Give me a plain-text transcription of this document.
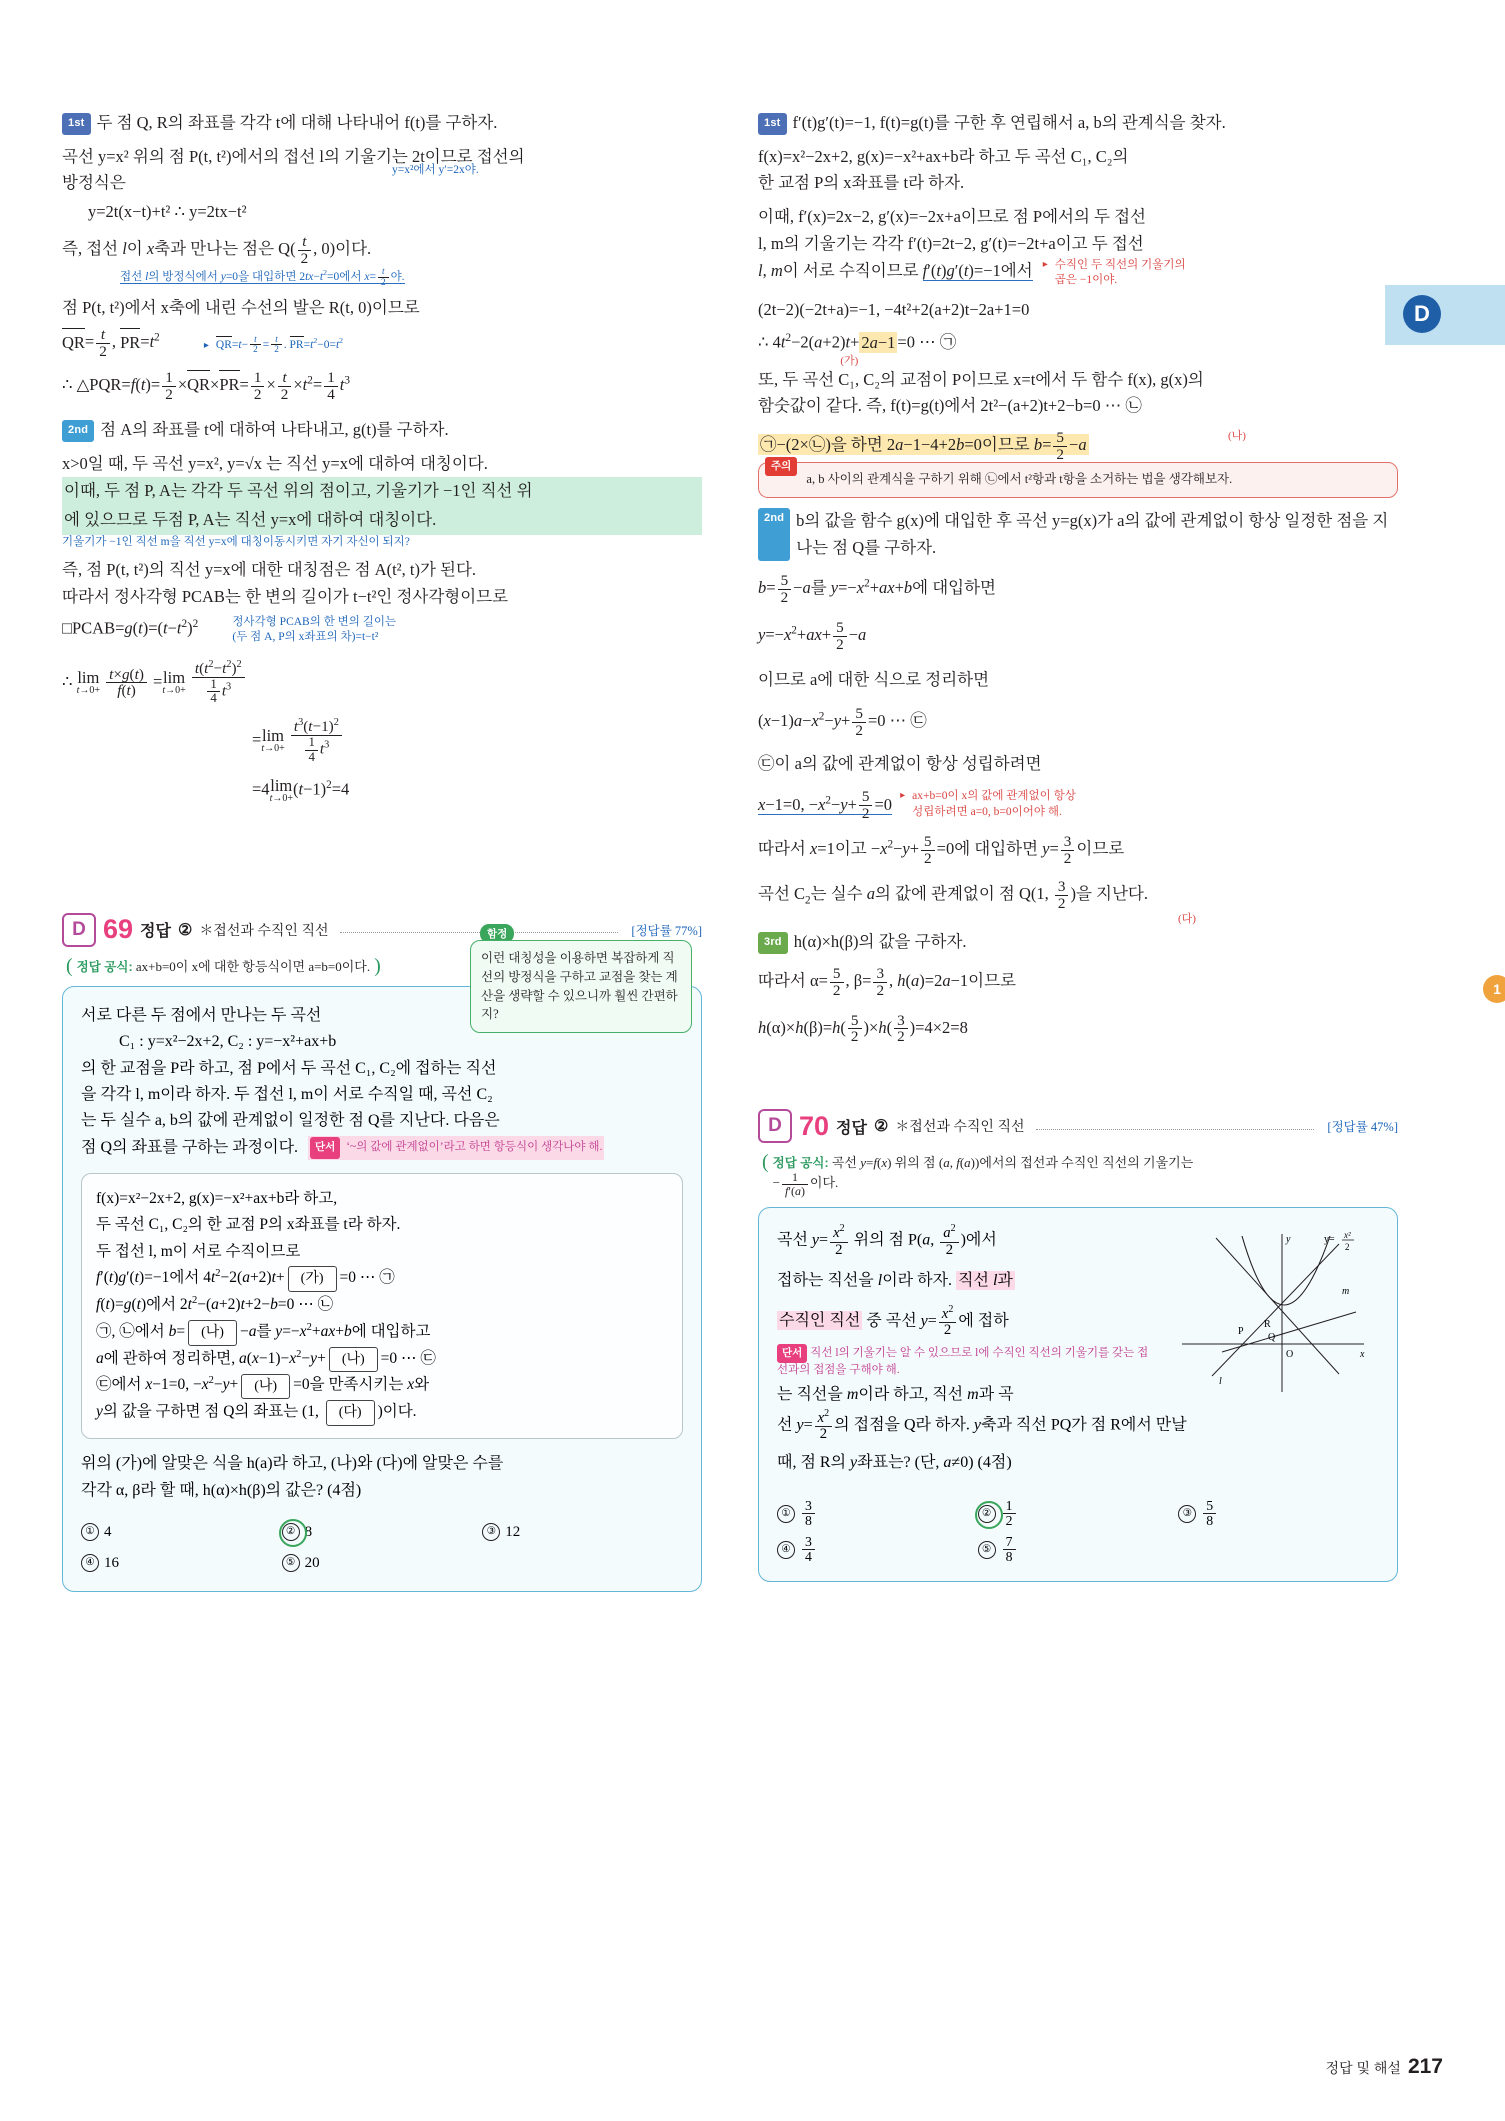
D
1
1st 두 점 Q, R의 좌표를 각각 t에 대해 나타내어 f(t)를 구하자.
곡선 y=x² 위의 점 P(t, t²)에서의 접선 l의 기울기는 2t이므로 접선의
방정식은
y=x²에서 y′=2x야.
y=2t(x−t)+t² ∴ y=2tx−t²
즉, 접선 l이 x축과 만나는 점은 $Q( \frac{t}{2}$ , 0)이다.
접선 l의 방정식에서 y=0을 대입하면 $2tx-t^2=0$에서 $x= \frac{t}{2}$ 야.
점 P(t, t²)에서 x축에 내린 수선의 발은 R(t, 0)이므로
$QR= \frac{t}{2}$ , $PR=t^2$ ▸ $QR=t- \frac{t}{2} = \frac{t}{2}$ . $PR=t^2-0=t^2$
∴ △PQR=f(t)= $\frac{1}{2} \times QR\times PR= \frac{1}{2} \times \frac{t}{2} \times t^2= \frac{1}{4} t^3$
2nd 점 A의 좌표를 t에 대하여 나타내고, g(t)를 구하자.
x>0일 때, 두 곡선 y=x², y=√x 는 직선 y=x에 대하여 대칭이다.
이때, 두 점 P, A는 각각 두 곡선 위의 점이고, 기울기가 −1인 직선 위
에 있으므로 두점 P, A는 직선 y=x에 대하여 대칭이다.
기울기가 −1인 직선 m을 직선 y=x에 대칭이동시키면 자기 자신이 되지?
즉, 점 P(t, t²)의 직선 y=x에 대한 대칭점은 점 A(t², t)가 된다.
따라서 정사각형 PCAB는 한 변의 길이가 t−t²인 정사각형이므로
$□PCAB=g(t)=(t-t^2)^2$	정사각형 PCAB의 한 변의 길이는
(두 점 A, P의 x좌표의 차)=t−t²
∴ lim
t→0+
$\frac{t\times g(t)}{f(t)} =\lim$
t→0+
$\frac{t(t^2-t^2)^2}{\frac{1}{4} t^3}$
=lim
t→0+
$\frac{t^3(t-1)^2}{\frac{1}{4} t^3}$
=4lim
t→0+
$(t-1)^2=4$
함정
이런 대칭성을 이용하면 복잡하게 직선의 방정식을 구하고 교점을 찾는 계산을 생략할 수 있으니까 훨씬 간편하지?
D 69 정답 ② ＊접선과 수직인 직선	[정답률 77%]
( 정답 공식: ax+b=0이 x에 대한 항등식이면 a=b=0이다. )
서로 다른 두 점에서 만나는 두 곡선
C₁ : y=x²−2x+2, C₂ : y=−x²+ax+b
의 한 교점을 P라 하고, 점 P에서 두 곡선 C₁, C₂에 접하는 직선
을 각각 l, m이라 하자. 두 접선 l, m이 서로 수직일 때, 곡선 C₂
는 두 실수 a, b의 값에 관계없이 일정한 점 Q를 지난다. 다음은
점 Q의 좌표를 구하는 과정이다. 단서 ‘~의 값에 관계없이’라고 하면 항등식이 생각나야 해.
f(x)=x²−2x+2, g(x)=−x²+ax+b라 하고,
두 곡선 C₁, C₂의 한 교점 P의 x좌표를 t라 하자.
두 접선 l, m이 서로 수직이므로
f′(t)g′(t)=−1에서 $4t^2-2(a+2)t+$ (가) =0 ⋯ ㉠
f(t)=g(t)에서 $2t^2-(a+2)t+2-b=0$ ⋯ ㉡
㉠, ㉡에서 b= (나) −a를 $y=-x^2+ax+b$에 대입하고
a에 관하여 정리하면, $a(x-1)-x^2-y+$ (나) =0 ⋯ ㉢
㉢에서 x−1=0, $-x^2-y+$ (나) =0을 만족시키는 x와
y의 값을 구하면 점 Q의 좌표는 (1, (다) )이다.
위의 (가)에 알맞은 식을 h(a)라 하고, (나)와 (다)에 알맞은 수를
각각 α, β라 할 때, h(α)×h(β)의 값은? (4점)
① 4	② 8	③ 12
④ 16	⑤ 20
1st f′(t)g′(t)=−1, f(t)=g(t)를 구한 후 연립해서 a, b의 관계식을 찾자.
f(x)=x²−2x+2, g(x)=−x²+ax+b라 하고 두 곡선 C₁, C₂의
한 교점 P의 x좌표를 t라 하자.
이때, f′(x)=2x−2, g′(x)=−2x+a이므로 점 P에서의 두 접선
l, m의 기울기는 각각 f′(t)=2t−2, g′(t)=−2t+a이고 두 접선
l, m이 서로 수직이므로 f′(t)g′(t)=−1에서 ▸ 수직인 두 직선의 기울기의
곱은 −1이야.
(2t−2)(−2t+a)=−1, −4t²+2(a+2)t−2a+1=0
∴ $4t^2-2(a+2)t+ 2a-1 =0$ ⋯ ㉠ $_{(가)}$
또, 두 곡선 C₁, C₂의 교점이 P이므로 x=t에서 두 함수 f(x), g(x)의
함숫값이 같다. 즉, f(t)=g(t)에서 2t²−(a+2)t+2−b=0 ⋯ ㉡
㉠−(2×㉡)을 하면 2a−1−4+2b=0이므로 $b= \frac{5}{2} -a$	(나)
주의 a, b 사이의 관계식을 구하기 위해 ㉡에서 t²항과 t항을 소거하는 법을 생각해보자.
2nd b의 값을 함수 g(x)에 대입한 후 곡선 y=g(x)가 a의 값에 관계없이 항상 일정한 점을 지나는 점 Q를 구하자.
$b= \frac{5}{2} -a$를 $y=-x^2+ax+b$에 대입하면
$y=-x^2+ax+ \frac{5}{2} -a$
이므로 a에 대한 식으로 정리하면
$(x-1)a-x^2-y+ \frac{5}{2} =0$ ⋯ ㉢
㉢이 a의 값에 관계없이 항상 성립하려면
x−1=0, $-x^2-y+ \frac{5}{2} =0$ ▸ ax+b=0이 x의 값에 관계없이 항상
성립하려면 a=0, b=0이어야 해.
따라서 x=1이고 $-x^2-y+ \frac{5}{2} =0$에 대입하면 $y= \frac{3}{2}$ 이므로
곡선 $C_2$는 실수 a의 값에 관계없이 점 Q(1, $\frac{3}{2}$ )을 지난다.
(다)
3rd h(α)×h(β)의 값을 구하자.
따라서 $\alpha= \frac{5}{2}$ , $\beta= \frac{3}{2}$ , h(a)=2a−1이므로
$h(\alpha)\times h(\beta)=h( \frac{5}{2} )\times h( \frac{3}{2} )=4\times 2=8$
D 70 정답 ② ＊접선과 수직인 직선	[정답률 47%]
( 정답 공식: 곡선 y=f(x) 위의 점 (a, f(a))에서의 접선과 수직인 직선의 기울기는
− $\frac{1}{f'(a)}$ 이다.
곡선 $y= \frac{x^2}{2}$ 위의 점 P(a, $\frac{a^2}{2}$ )에서
접하는 직선을 l이라 하자. 직선 l과
수직인 직선 중 곡선 $y= \frac{x^2}{2}$ 에 접하
단서 직선 l의 기울기는 알 수 있으므로 l에 수직인 직선의 기울기를 갖는 접선과의 접점을 구해야 해.
는 직선을 m이라 하고, 직선 m과 곡
y
x
O
P
Q
R
m
l
y= x²
2
선 $y= \frac{x^2}{2}$ 의 접점을 Q라 하자. y축과 직선 PQ가 점 R에서 만날
때, 점 R의 y좌표는? (단, a≠0) (4점)
① $\frac{3}{8}$	② $\frac{1}{2}$	③ $\frac{5}{8}$
④ $\frac{3}{4}$	⑤ $\frac{7}{8}$
정답 및 해설 217
